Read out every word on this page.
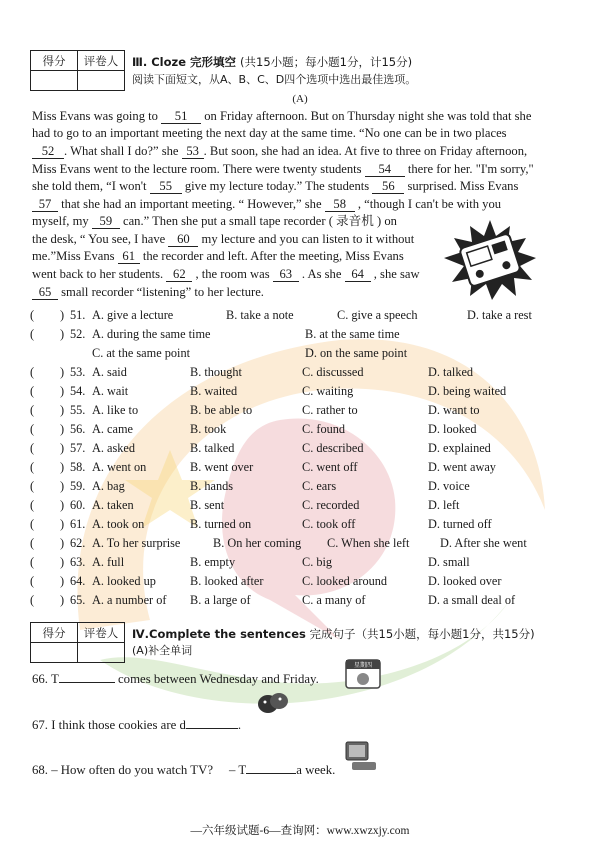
得分	评卷人
	Ⅲ. Cloze 完形填空 (共15小题；每小题1分，计15分)
阅读下面短文，从A、B、C、D四个选项中选出最佳选项。
(A)
Miss Evans was going to 51 on Friday afternoon. But on Thursday night she was told that she
had to go to an important meeting the next day at the same time. “No one can be in two places
52 . What shall I do?” she 53 . But soon, she had an idea. At five to three on Friday afternoon,
Miss Evans went to the lecture room. There were twenty students 54 there for her. "I'm sorry,"
she told them, “I won't 55 give my lecture today.” The students 56 surprised. Miss Evans
57 that she had an important meeting. “ However,” she 58 , “though I can't be with you
myself, my 59 can.” Then she put a small tape recorder ( 录音机 ) on
the desk, “ You see, I have 60 my lecture and you can listen to it without
me.”Miss Evans 61 the recorder and left. After the meeting, Miss Evans
went back to her students. 62 , the room was 63 . As she 64 , she saw
65 small recorder “listening” to her lecture.
( ) 51. A. give a lecture	B. take a note	C. give a speech	D. take a rest
( ) 52. A. during the same time	B. at the same time
C. at the same point	D. on the same point
( ) 53. A. said	B. thought	C. discussed	D. talked
( ) 54. A. wait	B. waited	C. waiting	D. being waited
( ) 55. A. like to	B. be able to	C. rather to	D. want to
( ) 56. A. came	B. took	C. found	D. looked
( ) 57. A. asked	B. talked	C. described	D. explained
( ) 58. A. went on	B. went over	C. went off	D. went away
( ) 59. A. bag	B. hands	C. ears	D. voice
( ) 60. A. taken	B. sent	C. recorded	D. left
( ) 61. A. took on	B. turned on	C. took off	D. turned off
( ) 62. A. To her surprise	B. On her coming C. When she left D. After she went
( ) 63. A. full	B. empty	C. big	D. small
( ) 64. A. looked up	B. looked after	C. looked around	D. looked over
( ) 65. A. a number of B. a large of	C. a many of	D. a small deal of
得分	评卷人
	Ⅳ.Complete the sentences 完成句子（共15小题，每小题1分，共15分)
(A)补全单词
66. T	comes between Wednesday and Friday.
星期四
67. I think those cookies are d	.
68. – How often do you watch TV? – T	a week.
—六年级试题-6—查询网：www.xwzxjy.com
